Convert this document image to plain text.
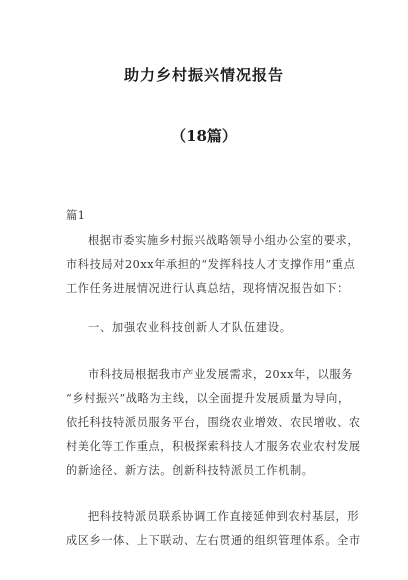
助力乡村振兴情况报告
（18篇）
篇1
根据市委实施乡村振兴战略领导小组办公室的要求，
市科技局对20xx年承担的“发挥科技人才支撑作用”重点
工作任务进展情况进行认真总结，现将情况报告如下：
一、加强农业科技创新人才队伍建设。
市科技局根据我市产业发展需求，20xx年，以服务
“乡村振兴”战略为主线，以全面提升发展质量为导向，
依托科技特派员服务平台，围绕农业增效、农民增收、农
村美化等工作重点，积极探索科技人才服务农业农村发展
的新途径、新方法。创新科技特派员工作机制。
把科技特派员联系协调工作直接延伸到农村基层，形
成区乡一体、上下联动、左右贯通的组织管理体系。全市
